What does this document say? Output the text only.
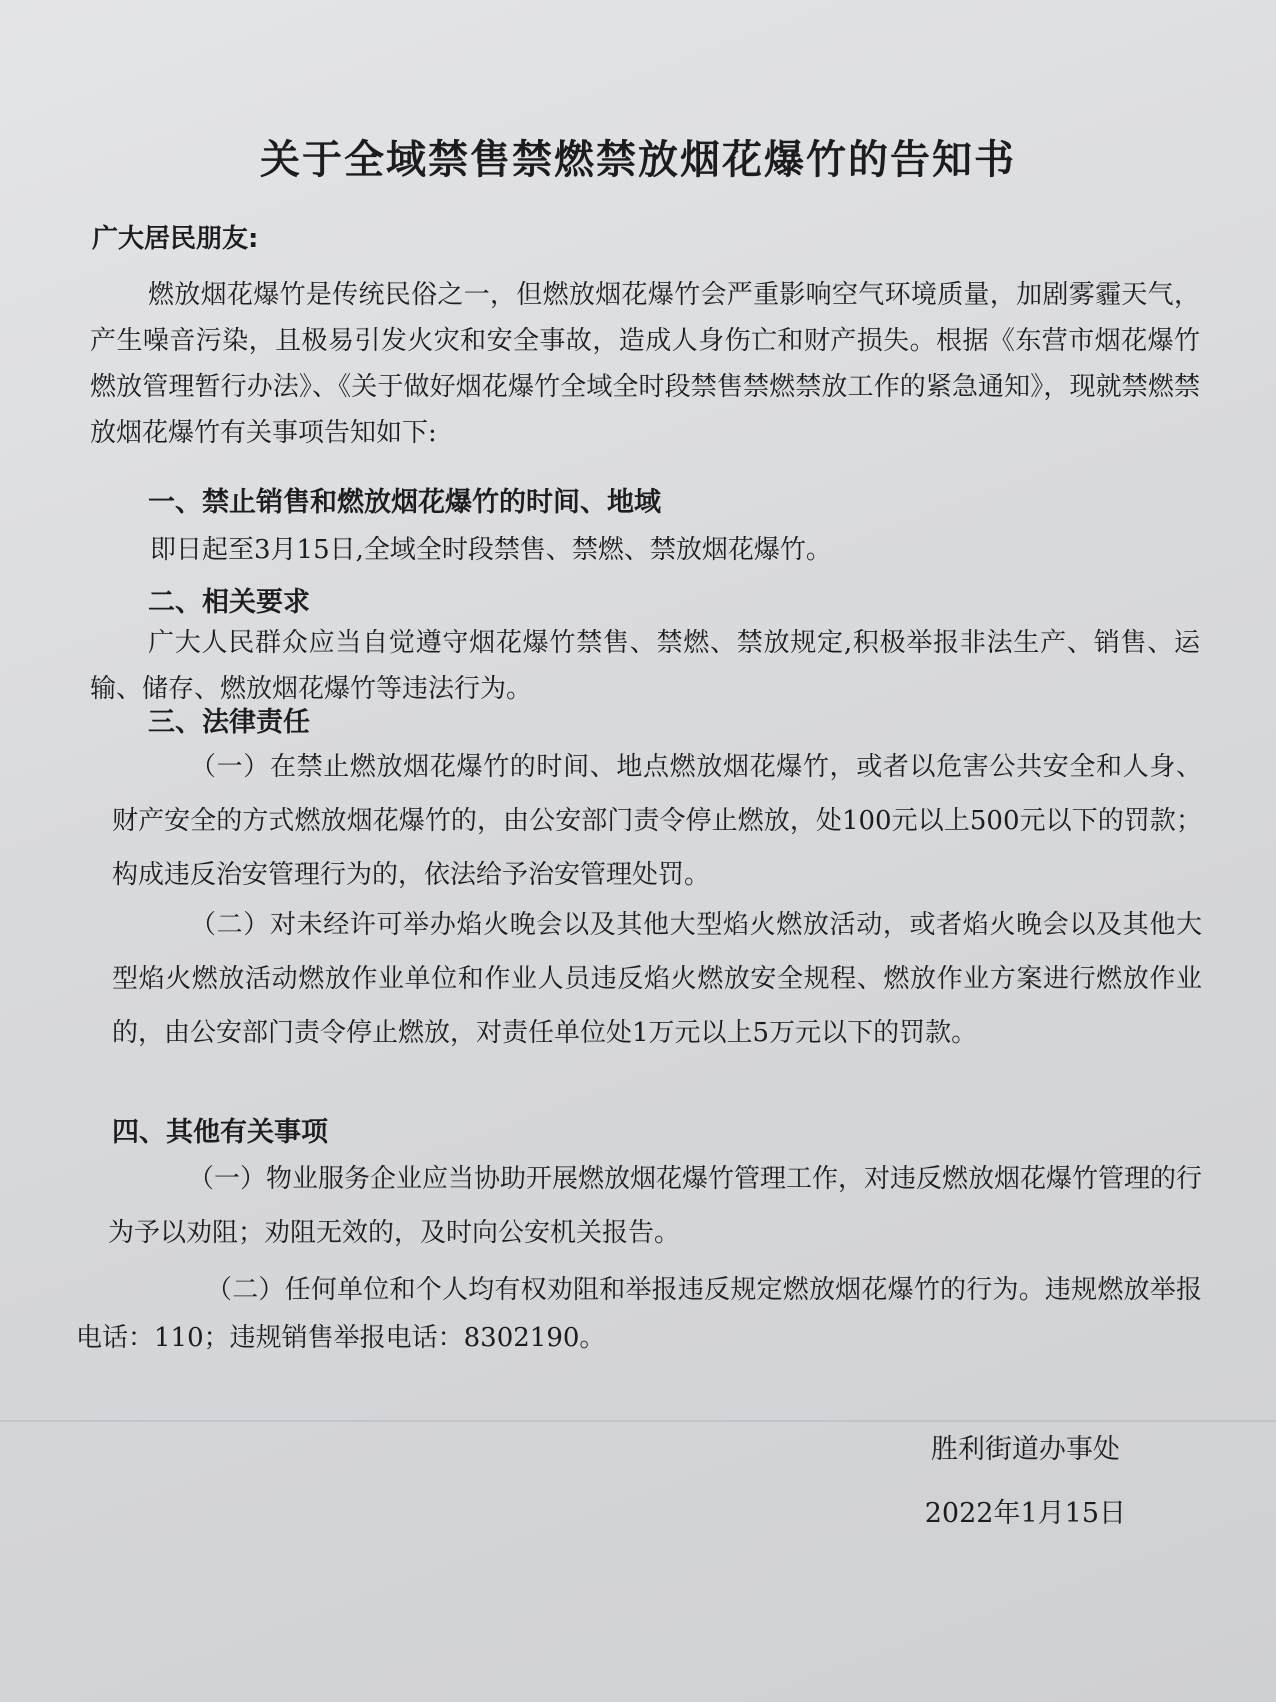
关于全域禁售禁燃禁放烟花爆竹的告知书
广大居民朋友:

燃放烟花爆竹是传统民俗之一，但燃放烟花爆竹会严重影响空气环境质量，加剧雾霾天气，产生噪音污染，且极易引发火灾和安全事故，造成人身伤亡和财产损失。根据《东营市烟花爆竹燃放管理暂行办法》、《关于做好烟花爆竹全域全时段禁售禁燃禁放工作的紧急通知》，现就禁燃禁放烟花爆竹有关事项告知如下:

一、禁止销售和燃放烟花爆竹的时间、地域

即日起至3月15日,全域全时段禁售、禁燃、禁放烟花爆竹。

二、相关要求

广大人民群众应当自觉遵守烟花爆竹禁售、禁燃、禁放规定,积极举报非法生产、销售、运输、储存、燃放烟花爆竹等违法行为。

三、法律责任

（一）在禁止燃放烟花爆竹的时间、地点燃放烟花爆竹，或者以危害公共安全和人身、财产安全的方式燃放烟花爆竹的，由公安部门责令停止燃放，处100元以上500元以下的罚款；构成违反治安管理行为的，依法给予治安管理处罚。

（二）对未经许可举办焰火晚会以及其他大型焰火燃放活动，或者焰火晚会以及其他大型焰火燃放活动燃放作业单位和作业人员违反焰火燃放安全规程、燃放作业方案进行燃放作业的，由公安部门责令停止燃放，对责任单位处1万元以上5万元以下的罚款。

四、其他有关事项

（一）物业服务企业应当协助开展燃放烟花爆竹管理工作，对违反燃放烟花爆竹管理的行为予以劝阻；劝阻无效的，及时向公安机关报告。

（二）任何单位和个人均有权劝阻和举报违反规定燃放烟花爆竹的行为。违规燃放举报电话：110；违规销售举报电话：8302190。

胜利街道办事处
2022年1月15日
